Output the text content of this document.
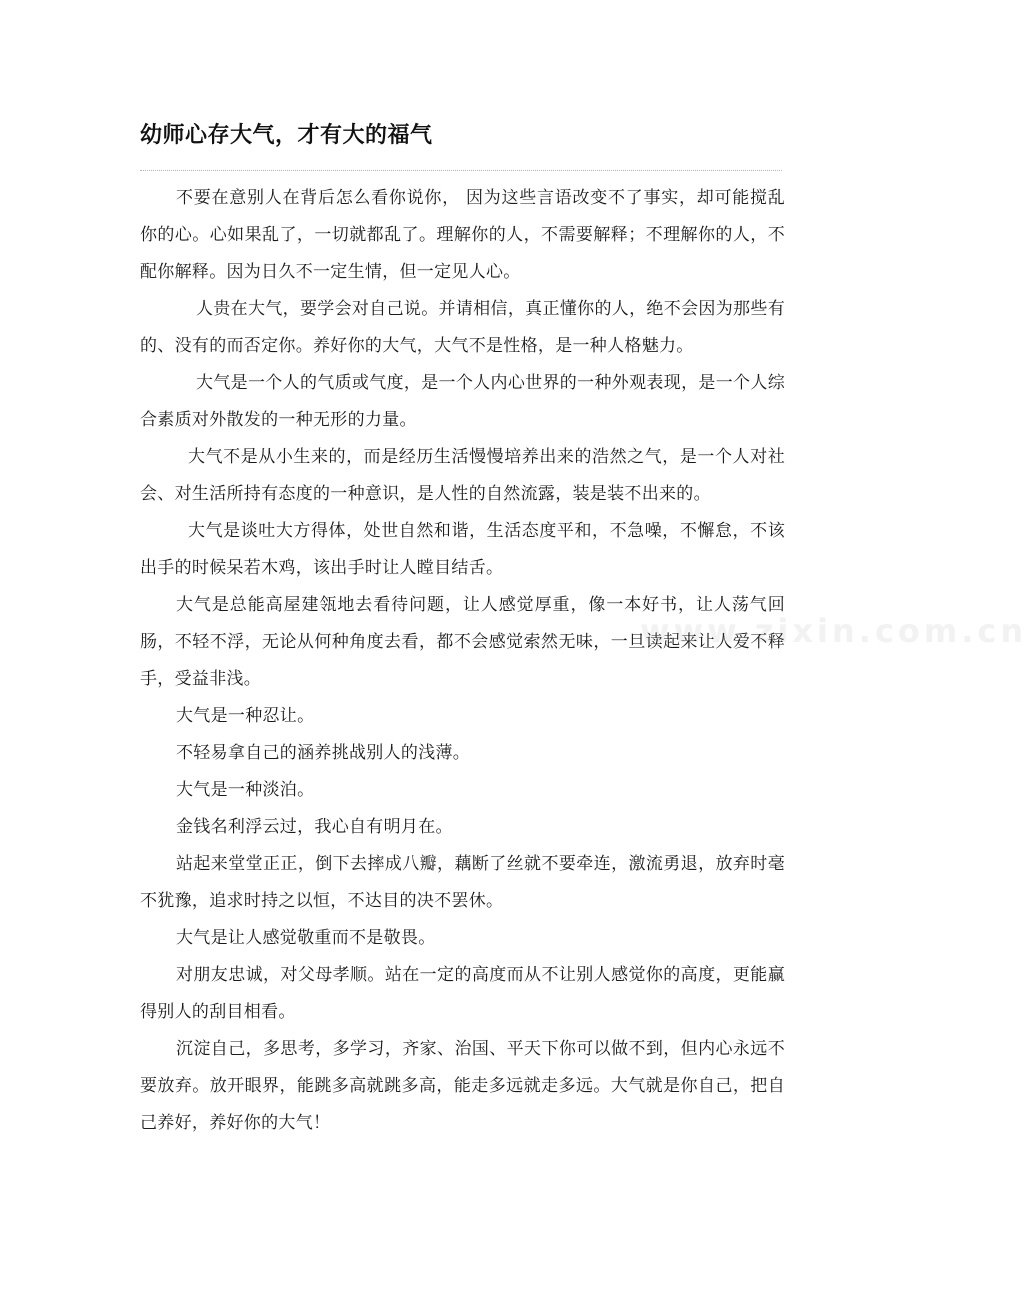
幼师心存大气，才有大的福气

不要在意别人在背后怎么看你说你， 因为这些言语改变不了事实，却可能搅乱你的心。心如果乱了，一切就都乱了。理解你的人，不需要解释；不理解你的人，不配你解释。因为日久不一定生情，但一定见人心。

人贵在大气，要学会对自己说。并请相信，真正懂你的人，绝不会因为那些有的、没有的而否定你。养好你的大气，大气不是性格，是一种人格魅力。

大气是一个人的气质或气度，是一个人内心世界的一种外观表现，是一个人综合素质对外散发的一种无形的力量。

大气不是从小生来的，而是经历生活慢慢培养出来的浩然之气，是一个人对社会、对生活所持有态度的一种意识，是人性的自然流露，装是装不出来的。

大气是谈吐大方得体，处世自然和谐，生活态度平和，不急噪，不懈怠，不该出手的时候呆若木鸡，该出手时让人瞠目结舌。

大气是总能高屋建瓴地去看待问题，让人感觉厚重，像一本好书，让人荡气回肠，不轻不浮，无论从何种角度去看，都不会感觉索然无味，一旦读起来让人爱不释手，受益非浅。

大气是一种忍让。

不轻易拿自己的涵养挑战别人的浅薄。

大气是一种淡泊。

金钱名利浮云过，我心自有明月在。

站起来堂堂正正，倒下去摔成八瓣，藕断了丝就不要牵连，激流勇退，放弃时毫不犹豫，追求时持之以恒，不达目的决不罢休。

大气是让人感觉敬重而不是敬畏。

对朋友忠诚，对父母孝顺。站在一定的高度而从不让别人感觉你的高度，更能赢得别人的刮目相看。

沉淀自己，多思考，多学习，齐家、治国、平天下你可以做不到，但内心永远不要放弃。放开眼界，能跳多高就跳多高，能走多远就走多远。大气就是你自己，把自己养好，养好你的大气！

www.zixin.com.cn
